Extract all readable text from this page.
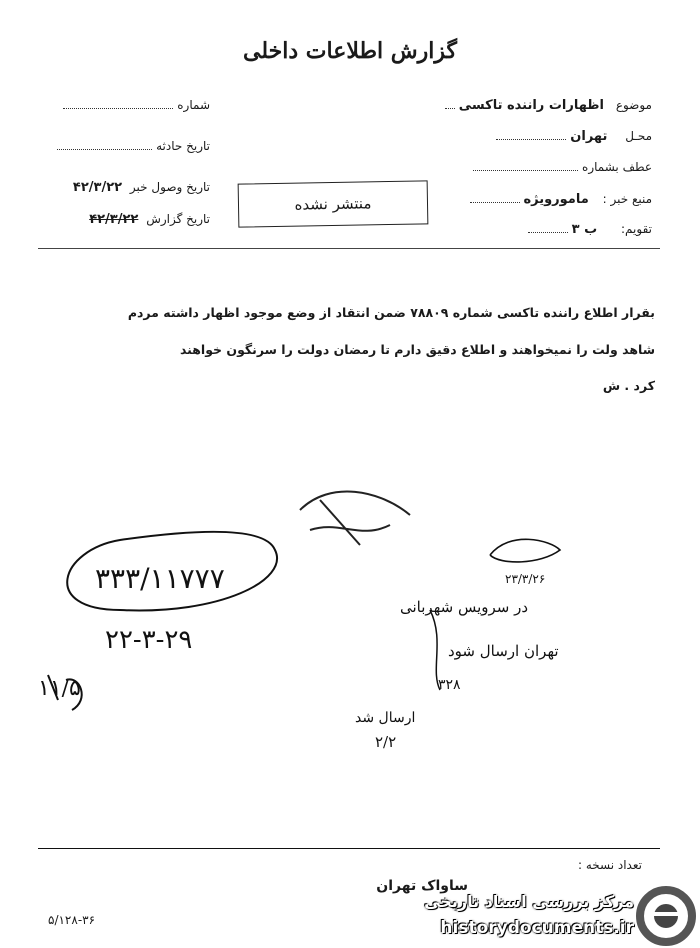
گزارش اطلاعات داخلی
موضوع اظهارات راننده تاکسی
محـل تهران
عطف بشماره
منبع خبر : مامورویژه
تقویم: ب ۳
شماره
تاریخ حادثه
تاریخ وصول خبر ۴۲/۳/۲۲
تاریخ گزارش ۴۲/۳/۲۲
منتشر نشده
بقرار اطلاع راننده تاکسی شماره ۷۸۸۰۹ ضمن انتقاد از وضع موجود اظهار داشته مردم
شاهد ولت را نمیخواهند و اطلاع دقیق دارم تا رمضان دولت را سرنگون خواهند
کرد . ش
۳۳۳/۱۱۷۷۷
۲۲-۳-۲۹
۱۱/۵
در سرویس شهربانی
تهران ارسال شود
۳۲۸
ارسال شد
۲/۲
۲۳/۳/۲۶
تعداد نسخه :
ساواک تهران
۵/۱۲۸-۳۶
مرکز بررسی اسناد تاریخی
historydocuments.ir
